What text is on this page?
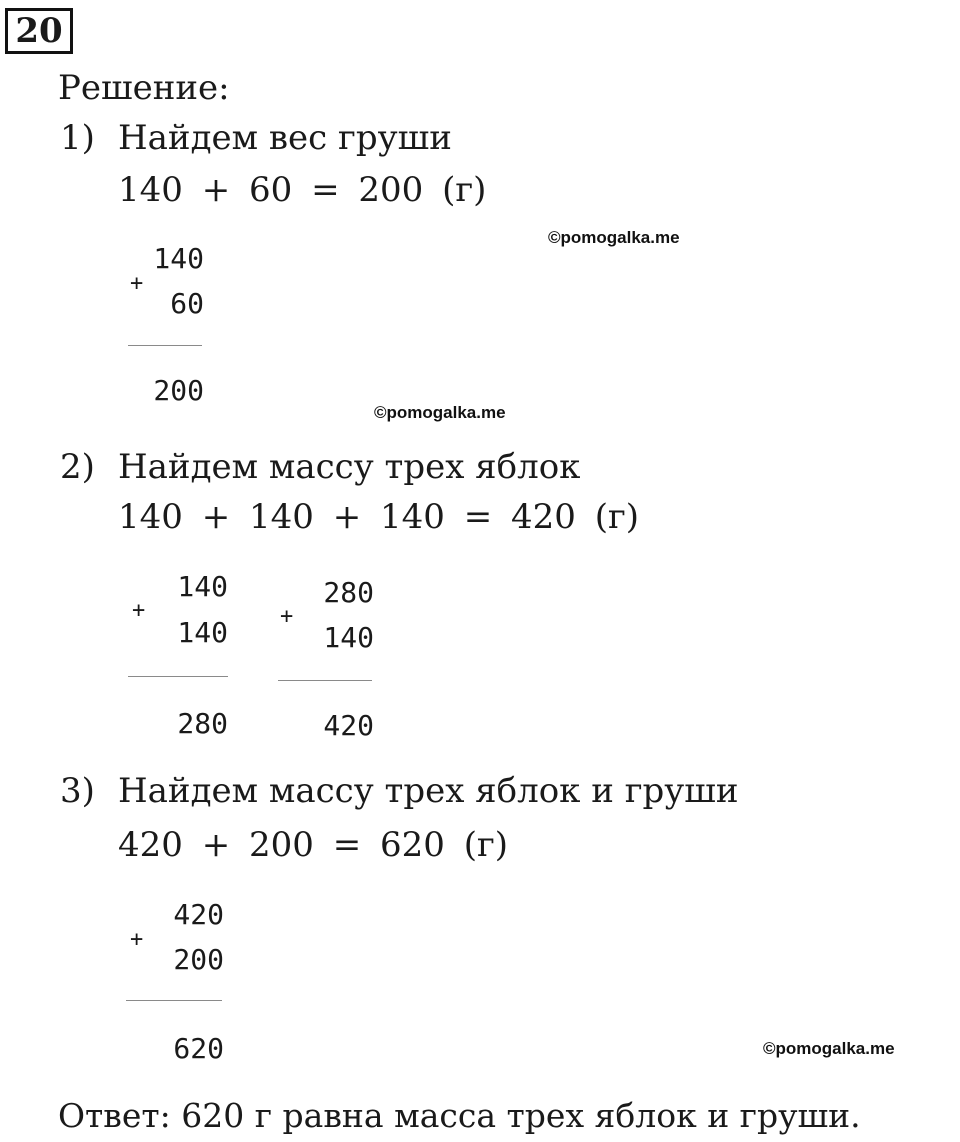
20
Решение:
1) Найдем вес груши
140 + 60 = 200 (г)
©pomogalka.me
140
+
60
200
©pomogalka.me
2) Найдем массу трех яблок
140 + 140 + 140 = 420 (г)
140
+
140
280
280
+
140
420
3) Найдем массу трех яблок и груши
420 + 200 = 620 (г)
420
+
200
620	©pomogalka.me
Ответ: 620 г равна масса трех яблок и груши.
